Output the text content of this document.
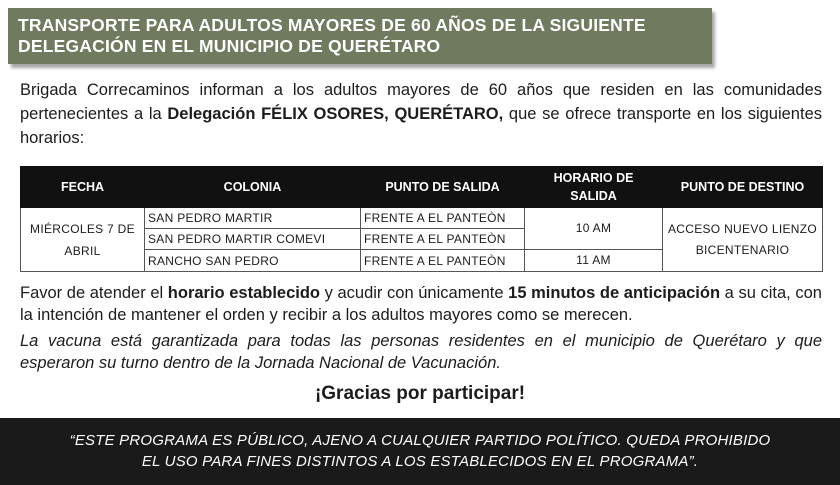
TRANSPORTE PARA ADULTOS MAYORES DE 60 AÑOS DE LA SIGUIENTE
DELEGACIÓN EN EL MUNICIPIO DE QUERÉTARO

Brigada Correcaminos informan a los adultos mayores de 60 años que residen en las comunidades pertenecientes a la Delegación FÉLIX OSORES, QUERÉTARO, que se ofrece transporte en los siguientes horarios:

FECHA	COLONIA	PUNTO DE SALIDA	HORARIO DE SALIDA	PUNTO DE DESTINO
MIÉRCOLES 7 DE ABRIL	SAN PEDRO MARTIR	FRENTE A EL PANTEÒN	10 AM	ACCESO NUEVO LIENZO BICENTENARIO
	SAN PEDRO MARTIR COMEVI	FRENTE A EL PANTEÒN		
	RANCHO SAN PEDRO	FRENTE A EL PANTEÒN	11 AM	

Favor de atender el horario establecido y acudir con únicamente 15 minutos de anticipación a su cita, con la intención de mantener el orden y recibir a los adultos mayores como se merecen.

La vacuna está garantizada para todas las personas residentes en el municipio de Querétaro y que esperaron su turno dentro de la Jornada Nacional de Vacunación.

¡Gracias por participar!
“ESTE PROGRAMA ES PÚBLICO, AJENO A CUALQUIER PARTIDO POLÍTICO. QUEDA PROHIBIDO
EL USO PARA FINES DISTINTOS A LOS ESTABLECIDOS EN EL PROGRAMA”.
